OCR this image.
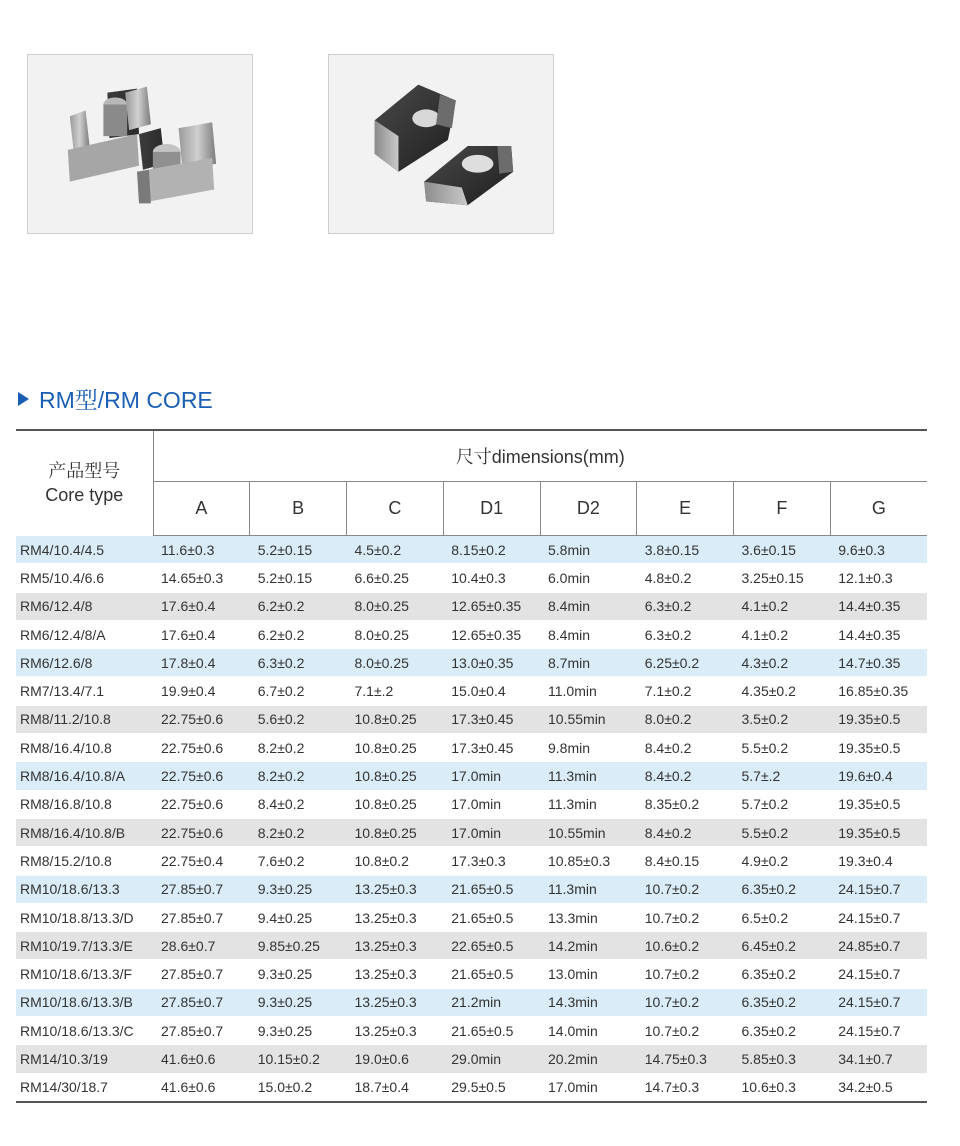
RM型/RM CORE
产品型号
Core type	尺寸dimensions(mm)							
	A	B	C	D1	D2	E	F	G
RM4/10.4/4.5	11.6±0.3	5.2±0.15	4.5±0.2	8.15±0.2	5.8min	3.8±0.15	3.6±0.15	9.6±0.3
RM5/10.4/6.6	14.65±0.3	5.2±0.15	6.6±0.25	10.4±0.3	6.0min	4.8±0.2	3.25±0.15	12.1±0.3
RM6/12.4/8	17.6±0.4	6.2±0.2	8.0±0.25	12.65±0.35	8.4min	6.3±0.2	4.1±0.2	14.4±0.35
RM6/12.4/8/A	17.6±0.4	6.2±0.2	8.0±0.25	12.65±0.35	8.4min	6.3±0.2	4.1±0.2	14.4±0.35
RM6/12.6/8	17.8±0.4	6.3±0.2	8.0±0.25	13.0±0.35	8.7min	6.25±0.2	4.3±0.2	14.7±0.35
RM7/13.4/7.1	19.9±0.4	6.7±0.2	7.1±.2	15.0±0.4	11.0min	7.1±0.2	4.35±0.2	16.85±0.35
RM8/11.2/10.8	22.75±0.6	5.6±0.2	10.8±0.25	17.3±0.45	10.55min	8.0±0.2	3.5±0.2	19.35±0.5
RM8/16.4/10.8	22.75±0.6	8.2±0.2	10.8±0.25	17.3±0.45	9.8min	8.4±0.2	5.5±0.2	19.35±0.5
RM8/16.4/10.8/A	22.75±0.6	8.2±0.2	10.8±0.25	17.0min	11.3min	8.4±0.2	5.7±.2	19.6±0.4
RM8/16.8/10.8	22.75±0.6	8.4±0.2	10.8±0.25	17.0min	11.3min	8.35±0.2	5.7±0.2	19.35±0.5
RM8/16.4/10.8/B	22.75±0.6	8.2±0.2	10.8±0.25	17.0min	10.55min	8.4±0.2	5.5±0.2	19.35±0.5
RM8/15.2/10.8	22.75±0.4	7.6±0.2	10.8±0.2	17.3±0.3	10.85±0.3	8.4±0.15	4.9±0.2	19.3±0.4
RM10/18.6/13.3	27.85±0.7	9.3±0.25	13.25±0.3	21.65±0.5	11.3min	10.7±0.2	6.35±0.2	24.15±0.7
RM10/18.8/13.3/D	27.85±0.7	9.4±0.25	13.25±0.3	21.65±0.5	13.3min	10.7±0.2	6.5±0.2	24.15±0.7
RM10/19.7/13.3/E	28.6±0.7	9.85±0.25	13.25±0.3	22.65±0.5	14.2min	10.6±0.2	6.45±0.2	24.85±0.7
RM10/18.6/13.3/F	27.85±0.7	9.3±0.25	13.25±0.3	21.65±0.5	13.0min	10.7±0.2	6.35±0.2	24.15±0.7
RM10/18.6/13.3/B	27.85±0.7	9.3±0.25	13.25±0.3	21.2min	14.3min	10.7±0.2	6.35±0.2	24.15±0.7
RM10/18.6/13.3/C	27.85±0.7	9.3±0.25	13.25±0.3	21.65±0.5	14.0min	10.7±0.2	6.35±0.2	24.15±0.7
RM14/10.3/19	41.6±0.6	10.15±0.2	19.0±0.6	29.0min	20.2min	14.75±0.3	5.85±0.3	34.1±0.7
RM14/30/18.7	41.6±0.6	15.0±0.2	18.7±0.4	29.5±0.5	17.0min	14.7±0.3	10.6±0.3	34.2±0.5
